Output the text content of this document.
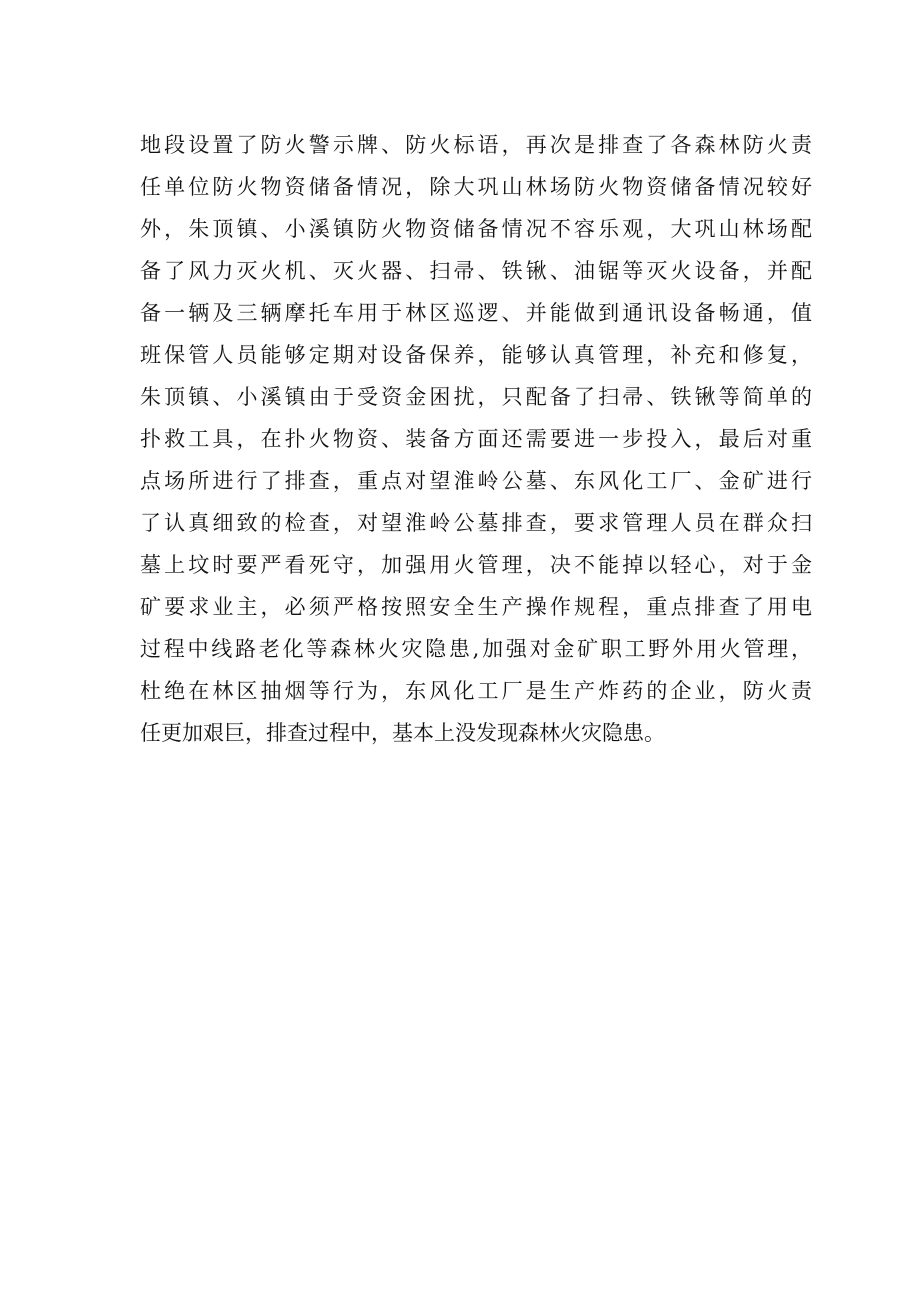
地段设置了防火警示牌、防火标语，再次是排查了各森林防火责
任单位防火物资储备情况，除大巩山林场防火物资储备情况较好
外，朱顶镇、小溪镇防火物资储备情况不容乐观，大巩山林场配
备了风力灭火机、灭火器、扫帚、铁锹、油锯等灭火设备，并配
备一辆及三辆摩托车用于林区巡逻、并能做到通讯设备畅通，值
班保管人员能够定期对设备保养，能够认真管理，补充和修复，
朱顶镇、小溪镇由于受资金困扰，只配备了扫帚、铁锹等简单的
扑救工具，在扑火物资、装备方面还需要进一步投入，最后对重
点场所进行了排查，重点对望淮岭公墓、东风化工厂、金矿进行
了认真细致的检查，对望淮岭公墓排查，要求管理人员在群众扫
墓上坟时要严看死守，加强用火管理，决不能掉以轻心，对于金
矿要求业主，必须严格按照安全生产操作规程，重点排查了用电
过程中线路老化等森林火灾隐患,加强对金矿职工野外用火管理，
杜绝在林区抽烟等行为，东风化工厂是生产炸药的企业，防火责
任更加艰巨，排查过程中，基本上没发现森林火灾隐患。
